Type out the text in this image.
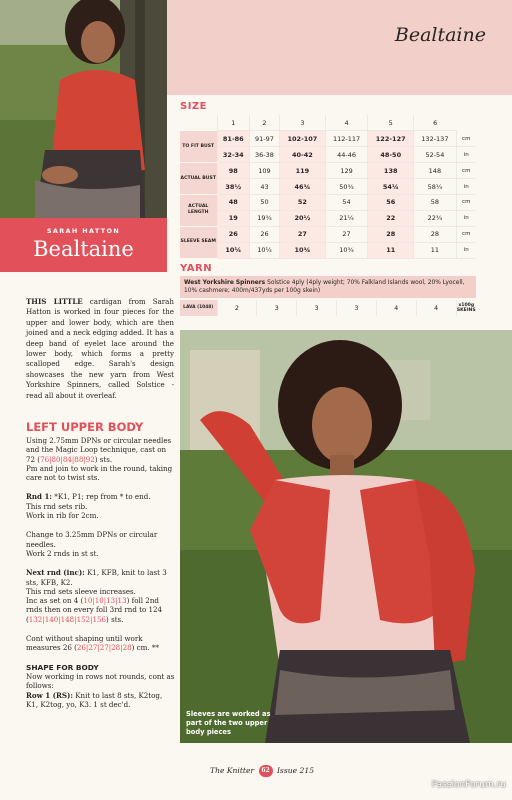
SARAH HATTON
Bealtaine

THIS LITTLE cardigan from Sarah Hatton is worked in four pieces for the upper and lower body, which are then joined and a neck edging added. It has a deep band of eyelet lace around the lower body, which forms a pretty scalloped edge. Sarah's design showcases the new yarn from West Yorkshire Spinners, called Solstice - read all about it overleaf.

LEFT UPPER BODY

Using 2.75mm DPNs or circular needles and the Magic Loop technique, cast on 72 (76|80|84|88|92) sts.

Pm and join to work in the round, taking care not to twist sts.

Rnd 1: *K1, P1; rep from * to end.

This rnd sets rib.

Work in rib for 2cm.

Change to 3.25mm DPNs or circular needles.

Work 2 rnds in st st.

Next rnd (inc): K1, KFB, knit to last 3 sts, KFB, K2.

This rnd sets sleeve increases.

Inc as set on 4 (10|10|13|13) foll 2nd rnds then on every foll 3rd rnd to 124 (132|140|148|152|156) sts.

Cont without shaping until work measures 26 (26|27|27|28|28) cm. **

SHAPE FOR BODY

Now working in rows not rounds, cont as follows:

Row 1 (RS): Knit to last 8 sts, K2tog, K1, K2tog, yo, K3. 1 st dec'd.

Bealtaine
SIZE
	1	2	3	4	5	6	
TO FIT BUST	81-86	91-97	102-107	112-117	122-127	132-137	cm
	32-34	36-38	40-42	44-46	48-50	52-54	in
ACTUAL BUST	98	109	119	129	138	148	cm
	38½	43	46¾	50¾	54¼	58¼	in
ACTUAL LENGTH	48	50	52	54	56	58	cm
	19	19¾	20½	21¼	22	22¾	in
SLEEVE SEAM	26	26	27	27	28	28	cm
	10¼	10¼	10¾	10¾	11	11	in
YARN
West Yorkshire Spinners Solstice 4ply (4ply weight; 70% Falkland Islands wool, 20% Lyocell, 10% cashmere; 400m/437yds per 100g skein)
LAVA (1048)	2	3	3	3	4	4	x100g SKEINS
Sleeves are worked as part of the two upper body pieces
The Knitter 62 Issue 215
PassionForum.ru
